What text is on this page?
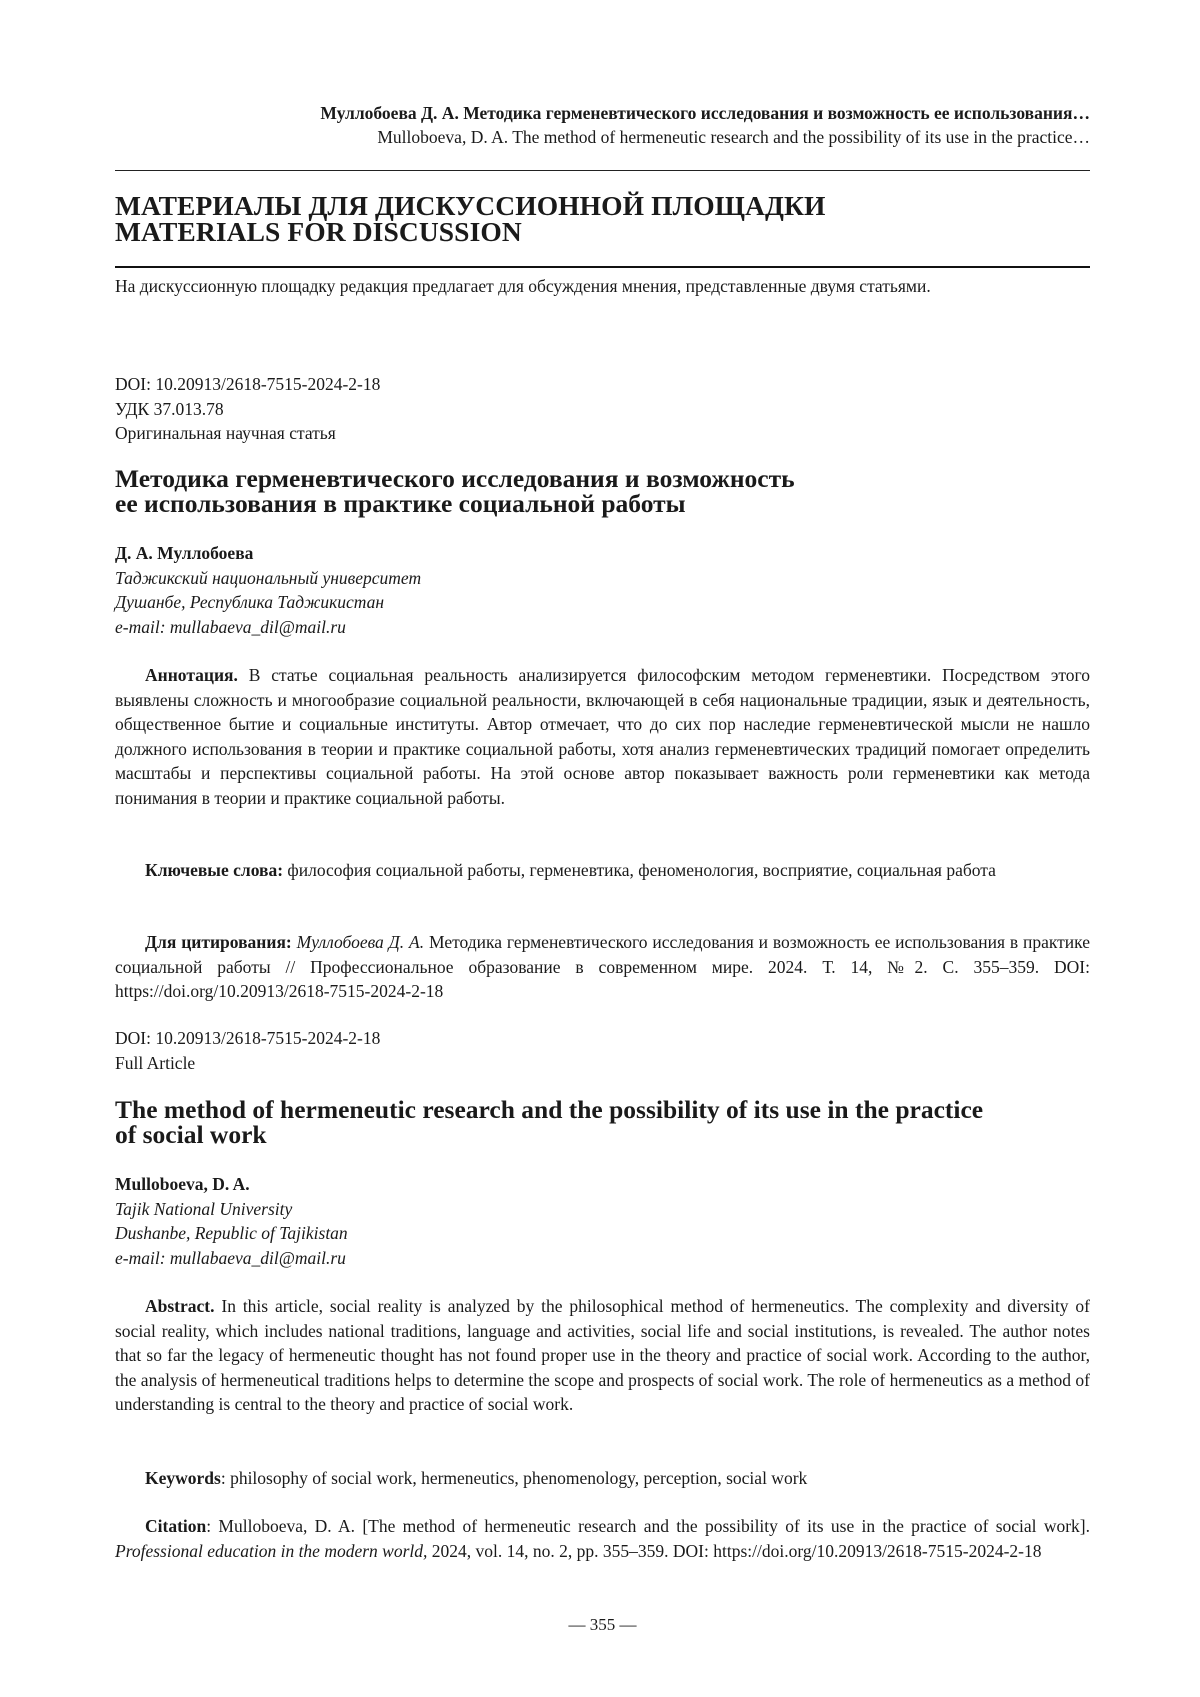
Муллобоева Д. А. Методика герменевтического исследования и возможность ее использования…
Mulloboeva, D. A. The method of hermeneutic research and the possibility of its use in the practice…
МАТЕРИАЛЫ ДЛЯ ДИСКУССИОННОЙ ПЛОЩАДКИ
MATERIALS FOR DISCUSSION
На дискуссионную площадку редакция предлагает для обсуждения мнения, представленные двумя статьями.
DOI: 10.20913/2618-7515-2024-2-18
УДК 37.013.78
Оригинальная научная статья
Методика герменевтического исследования и возможность
ее использования в практике социальной работы
Д. А. Муллобоева
Таджикский национальный университет
Душанбе, Республика Таджикистан
e-mail: mullabaeva_dil@mail.ru
Аннотация. В статье социальная реальность анализируется философским методом герменевтики. Посредством этого выявлены сложность и многообразие социальной реальности, включающей в себя национальные традиции, язык и деятельность, общественное бытие и социальные институты. Автор отмечает, что до сих пор наследие герменевтической мысли не нашло должного использования в теории и практике социальной работы, хотя анализ герменевтических традиций помогает определить масштабы и перспективы социальной работы. На этой основе автор показывает важность роли герменевтики как метода понимания в теории и практике социальной работы.
Ключевые слова: философия социальной работы, герменевтика, феноменология, восприятие, социальная работа
Для цитирования: Муллобоева Д. А. Методика герменевтического исследования и возможность ее использования в практике социальной работы // Профессиональное образование в современном мире. 2024. Т. 14, №2. С. 355–359. DOI: https://doi.org/10.20913/2618-7515-2024-2-18
DOI: 10.20913/2618-7515-2024-2-18
Full Article
The method of hermeneutic research and the possibility of its use in the practice
of social work
Mulloboeva, D. A.
Tajik National University
Dushanbe, Republic of Tajikistan
e-mail: mullabaeva_dil@mail.ru
Abstract. In this article, social reality is analyzed by the philosophical method of hermeneutics. The complexity and diversity of social reality, which includes national traditions, language and activities, social life and social institutions, is revealed. The author notes that so far the legacy of hermeneutic thought has not found proper use in the theory and practice of social work. According to the author, the analysis of hermeneutical traditions helps to determine the scope and prospects of social work. The role of hermeneutics as a method of understanding is central to the theory and practice of social work.
Keywords: philosophy of social work, hermeneutics, phenomenology, perception, social work
Citation: Mulloboeva, D. A. [The method of hermeneutic research and the possibility of its use in the practice of social work]. Professional education in the modern world, 2024, vol. 14, no. 2, pp. 355–359. DOI: https://doi.org/10.20913/2618-7515-2024-2-18
— 355 —
